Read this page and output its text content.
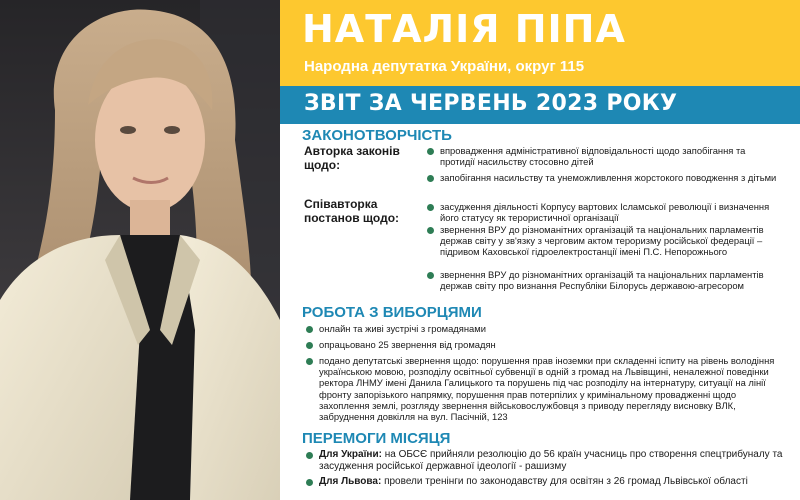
НАТАЛІЯ ПІПА
Народна депутатка України, округ 115
ЗВІТ ЗА ЧЕРВЕНЬ 2023 РОКУ
ЗАКОНОТВОРЧІСТЬ
Авторка законів щодо:
впровадження адміністративної відповідальності щодо запобігання та протидії насильству стосовно дітей
запобігання насильству та унеможливлення жорстокого поводження з дітьми
Співавторка постанов щодо:
засудження діяльності Корпусу вартових Ісламської революції і визначення його статусу як терористичної організації
звернення ВРУ до різноманітних організацій та національних парламентів держав світу у зв'язку з черговим актом тероризму російської федерації – підривом Каховської гідроелектростанції імені П.С. Непорожнього
звернення ВРУ до різноманітних організацій та національних парламентів держав світу про визнання Республіки Білорусь державою-агресором
РОБОТА З ВИБОРЦЯМИ
онлайн та живі зустрічі з громадянами
опрацьовано 25 звернення від громадян
подано депутатські звернення щодо: порушення прав іноземки при складенні іспиту на рівень володіння українською мовою, розподілу освітньої субвенції в одній з громад на Львівщині, неналежної поведінки ректора ЛНМУ імені Данила Галицького та порушень під час розподілу на інтернатуру, ситуації на лінії фронту запорізького напрямку, порушення прав потерпілих у кримінальному провадженні щодо захоплення землі, розгляду звернення військовослужбовця з приводу перегляду висновку ВЛК, забруднення довкілля на вул. Пасічній, 123
ПЕРЕМОГИ МІСЯЦЯ
Для України: на ОБСЄ прийняли резолюцію до 56 країн учасниць про створення спецтрибуналу та засудження російської державної ідеології - рашизму
Для Львова: провели тренінги по законодавству для освітян з 26 громад Львівської області
